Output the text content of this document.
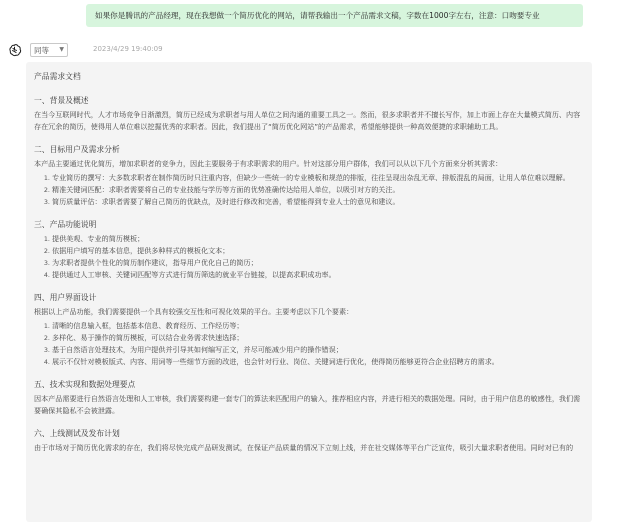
如果你是腾讯的产品经理，现在我想做一个简历优化的网站，请帮我输出一个产品需求文稿，字数在1000字左右，注意：口吻要专业
同等 ▼	2023/4/29 19:40:09

产品需求文档

一、背景及概述

在当今互联网时代，人才市场竞争日渐激烈，简历已经成为求职者与用人单位之间沟通的重要工具之一。然而，很多求职者并不擅长写作，加上市面上存在大量模式简历、内容存在冗余的简历，使得用人单位难以挖掘优秀的求职者。因此，我们提出了“简历优化网站”的产品需求，希望能够提供一种高效便捷的求职辅助工具。

二、目标用户及需求分析

本产品主要通过优化简历，增加求职者的竞争力，因此主要服务于有求职需求的用户。针对这部分用户群体，我们可以从以下几个方面来分析其需求：

1. 专业简历的撰写：大多数求职者在制作简历时只注重内容，但缺少一些统一的专业模板和规范的排版，往往呈现出杂乱无章、排版混乱的局面，让用人单位难以理解。
2. 精准关键词匹配：求职者需要将自己的专业技能与学历等方面的优势准确传达给用人单位，以吸引对方的关注。
3. 简历质量评估：求职者需要了解自己简历的优缺点，及时进行修改和完善，希望能得到专业人士的意见和建议。

三、产品功能说明

1. 提供美观、专业的简历模板；
2. 依据用户填写的基本信息，提供多种样式的模板化文本；
3. 为求职者提供个性化的简历制作建议，指导用户优化自己的简历；
4. 提供通过人工审核、关键词匹配等方式进行简历筛选的就业平台链接，以提高求职成功率。

四、用户界面设计

根据以上产品功能，我们需要提供一个具有较强交互性和可视化效果的平台。主要考虑以下几个要素：

1. 清晰的信息输入框，包括基本信息、教育经历、工作经历等；
2. 多样化、易于操作的简历模板，可以结合业务需求快速选择；
3. 基于自然语言处理技术，为用户提供并引导其如何编写正文，并尽可能减少用户的操作错误；
4. 展示不仅针对模板版式、内容、用词等一些细节方面的改进，也会针对行业、岗位、关键词进行优化，使得简历能够更符合企业招聘方的需求。

五、技术实现和数据处理要点

因本产品需要进行自然语言处理和人工审核，我们需要构建一套专门的算法来匹配用户的输入，推荐相应内容，并进行相关的数据处理。同时，由于用户信息的敏感性，我们需要确保其隐私不会被泄露。

六、上线测试及发布计划

由于市场对于简历优化需求的存在，我们将尽快完成产品研发测试，在保证产品质量的情况下立刻上线，并在社交媒体等平台广泛宣传，吸引大量求职者使用。同时对已有的
